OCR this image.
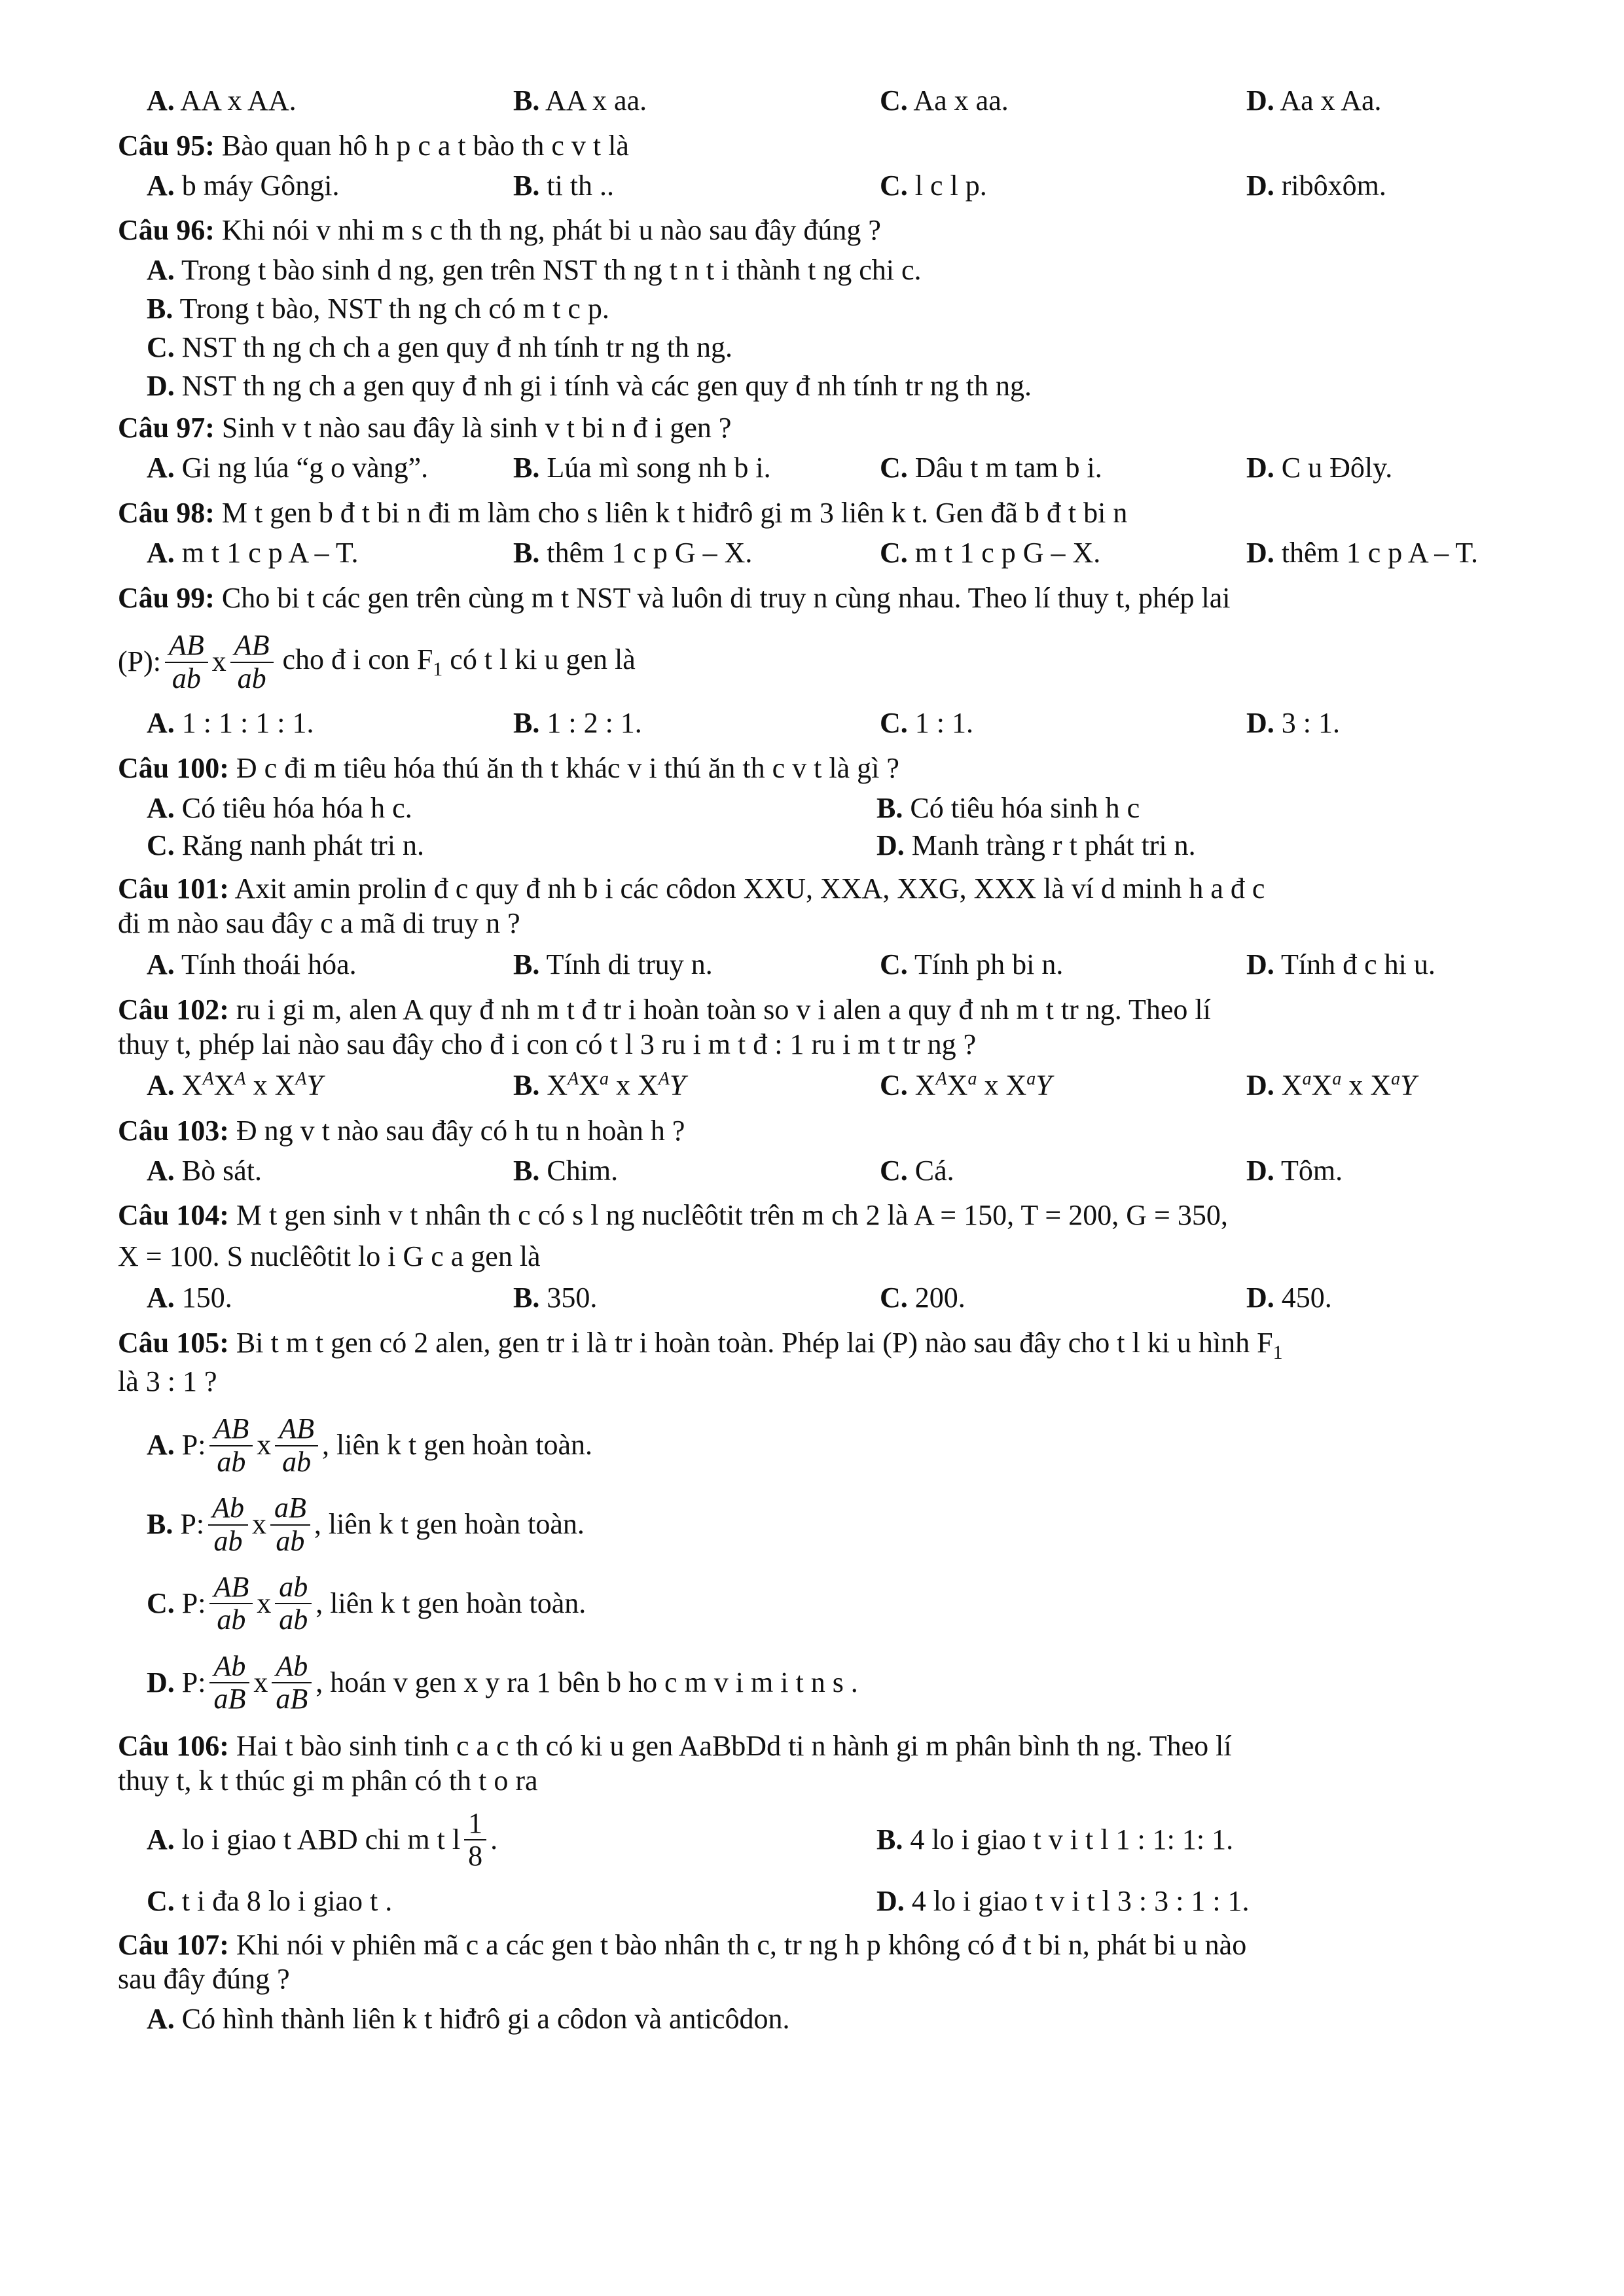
A. AA x AA.	B. AA x aa.	C. Aa x aa.	D. Aa x Aa.
Câu 95: Bào quan hô h p c a t bào th c v t là
A. b máy Gôngi.	B. ti th ..	C. l c l p.	D. ribôxôm.
Câu 96: Khi nói v nhi m s c th th ng, phát bi u nào sau đây đúng ?
A. Trong t bào sinh d ng, gen trên NST th ng t n t i thành t ng chi c.
B. Trong t bào, NST th ng ch có m t c p.
C. NST th ng ch ch a gen quy đ nh tính tr ng th ng.
D. NST th ng ch a gen quy đ nh gi i tính và các gen quy đ nh tính tr ng th ng.
Câu 97: Sinh v t nào sau đây là sinh v t bi n đ i gen ?
A. Gi ng lúa “g o vàng”.	B. Lúa mì song nh b i.	C. Dâu t m tam b i.	D. C u Đôly.
Câu 98: M t gen b đ t bi n đi m làm cho s liên k t hiđrô gi m 3 liên k t. Gen đã b đ t bi n
A. m t 1 c p A – T.	B. thêm 1 c p G – X.	C. m t 1 c p G – X.	D. thêm 1 c p A – T.
Câu 99: Cho bi t các gen trên cùng m t NST và luôn di truy n cùng nhau. Theo lí thuy t, phép lai
(P): $\frac{AB}{ab}$ x $\frac{AB}{ab}$ cho đ i con $F_1$ có t l ki u gen là
A. 1 : 1 : 1 : 1.	B. 1 : 2 : 1.	C. 1 : 1.	D. 3 : 1.
Câu 100: Đ c đi m tiêu hóa thú ăn th t khác v i thú ăn th c v t là gì ?
A. Có tiêu hóa hóa h c.	B. Có tiêu hóa sinh h c
C. Răng nanh phát tri n.	D. Manh tràng r t phát tri n.
Câu 101: Axit amin prolin đ c quy đ nh b i các côdon XXU, XXA, XXG, XXX là ví d minh h a đ c
đi m nào sau đây c a mã di truy n ?
A. Tính thoái hóa.	B. Tính di truy n.	C. Tính ph bi n.	D. Tính đ c hi u.
Câu 102: ru i gi m, alen A quy đ nh m t đ tr i hoàn toàn so v i alen a quy đ nh m t tr ng. Theo lí
thuy t, phép lai nào sau đây cho đ i con có t l 3 ru i m t đ : 1 ru i m t tr ng ?
A. $X^AX^A$ x $X^AY$	B. $X^AX^a$ x $X^AY$	C. $X^AX^a$ x $X^aY$	D. $X^aX^a$ x $X^aY$
Câu 103: Đ ng v t nào sau đây có h tu n hoàn h ?
A. Bò sát.	B. Chim.	C. Cá.	D. Tôm.
Câu 104: M t gen sinh v t nhân th c có s l ng nuclêôtit trên m ch 2 là A = 150, T = 200, G = 350,
X = 100. S nuclêôtit lo i G c a gen là
A. 150.	B. 350.	C. 200.	D. 450.
Câu 105: Bi t m t gen có 2 alen, gen tr i là tr i hoàn toàn. Phép lai (P) nào sau đây cho t l ki u hình $F_1$
là 3 : 1 ?
A.
P: $\frac{AB}{ab}$ x $\frac{AB}{ab}$ , liên k t gen hoàn toàn.
B.
P: $\frac{Ab}{ab}$ x $\frac{aB}{ab}$ , liên k t gen hoàn toàn.
C.
P: $\frac{AB}{ab}$ x $\frac{ab}{ab}$ , liên k t gen hoàn toàn.
D.
P: $\frac{Ab}{aB}$ x $\frac{Ab}{aB}$ , hoán v gen x y ra 1 bên b ho c m v i m i t n s .
Câu 106: Hai t bào sinh tinh c a c th có ki u gen AaBbDd ti n hành gi m phân bình th ng. Theo lí
thuy t, k t thúc gi m phân có th t o ra
A.
lo i giao t ABD chi m t l $\frac{1}{8}$ .	B. 4 lo i giao t v i t l 1 : 1: 1: 1.
C. t i đa 8 lo i giao t .	D. 4 lo i giao t v i t l 3 : 3 : 1 : 1.
Câu 107: Khi nói v phiên mã c a các gen t bào nhân th c, tr ng h p không có đ t bi n, phát bi u nào
sau đây đúng ?
A. Có hình thành liên k t hiđrô gi a côdon và anticôdon.
